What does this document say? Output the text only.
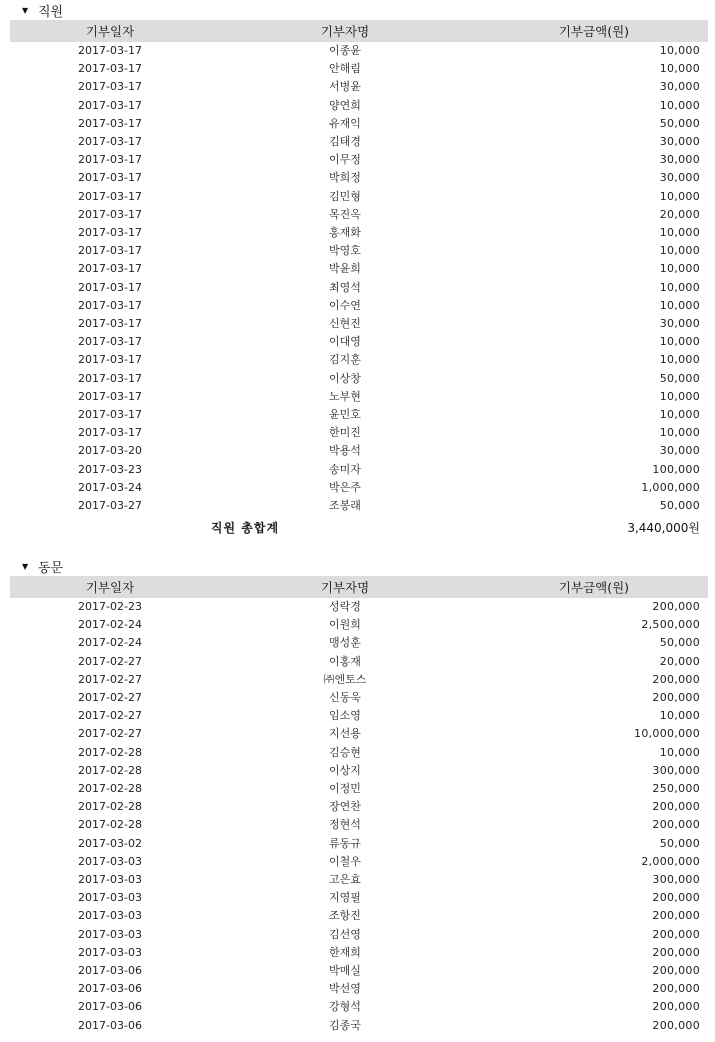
▼ 직원
기부일자	기부자명	기부금액(원)
2017-03-17	이종윤	10,000
2017-03-17	안해림	10,000
2017-03-17	서병윤	30,000
2017-03-17	양연희	10,000
2017-03-17	유재익	50,000
2017-03-17	김태경	30,000
2017-03-17	이무정	30,000
2017-03-17	박희정	30,000
2017-03-17	김민형	10,000
2017-03-17	목진옥	20,000
2017-03-17	홍재화	10,000
2017-03-17	박영호	10,000
2017-03-17	박윤희	10,000
2017-03-17	최영석	10,000
2017-03-17	이수연	10,000
2017-03-17	신현진	30,000
2017-03-17	이대영	10,000
2017-03-17	김지훈	10,000
2017-03-17	이상창	50,000
2017-03-17	노부현	10,000
2017-03-17	윤민호	10,000
2017-03-17	한미진	10,000
2017-03-20	박용석	30,000
2017-03-23	송미자	100,000
2017-03-24	박은주	1,000,000
2017-03-27	조봉래	50,000
직원 총합계	3,440,000원
▼ 동문
기부일자	기부자명	기부금액(원)
2017-02-23	성락경	200,000
2017-02-24	이원희	2,500,000
2017-02-24	맹성훈	50,000
2017-02-27	이홍재	20,000
2017-02-27	㈜엔토스	200,000
2017-02-27	신동욱	200,000
2017-02-27	임소영	10,000
2017-02-27	지선용	10,000,000
2017-02-28	김승현	10,000
2017-02-28	이상지	300,000
2017-02-28	이정민	250,000
2017-02-28	장연찬	200,000
2017-02-28	정현석	200,000
2017-03-02	류동규	50,000
2017-03-03	이철우	2,000,000
2017-03-03	고은효	300,000
2017-03-03	지영필	200,000
2017-03-03	조항진	200,000
2017-03-03	김선영	200,000
2017-03-03	한재희	200,000
2017-03-06	박매실	200,000
2017-03-06	박선영	200,000
2017-03-06	강형석	200,000
2017-03-06	김종국	200,000
